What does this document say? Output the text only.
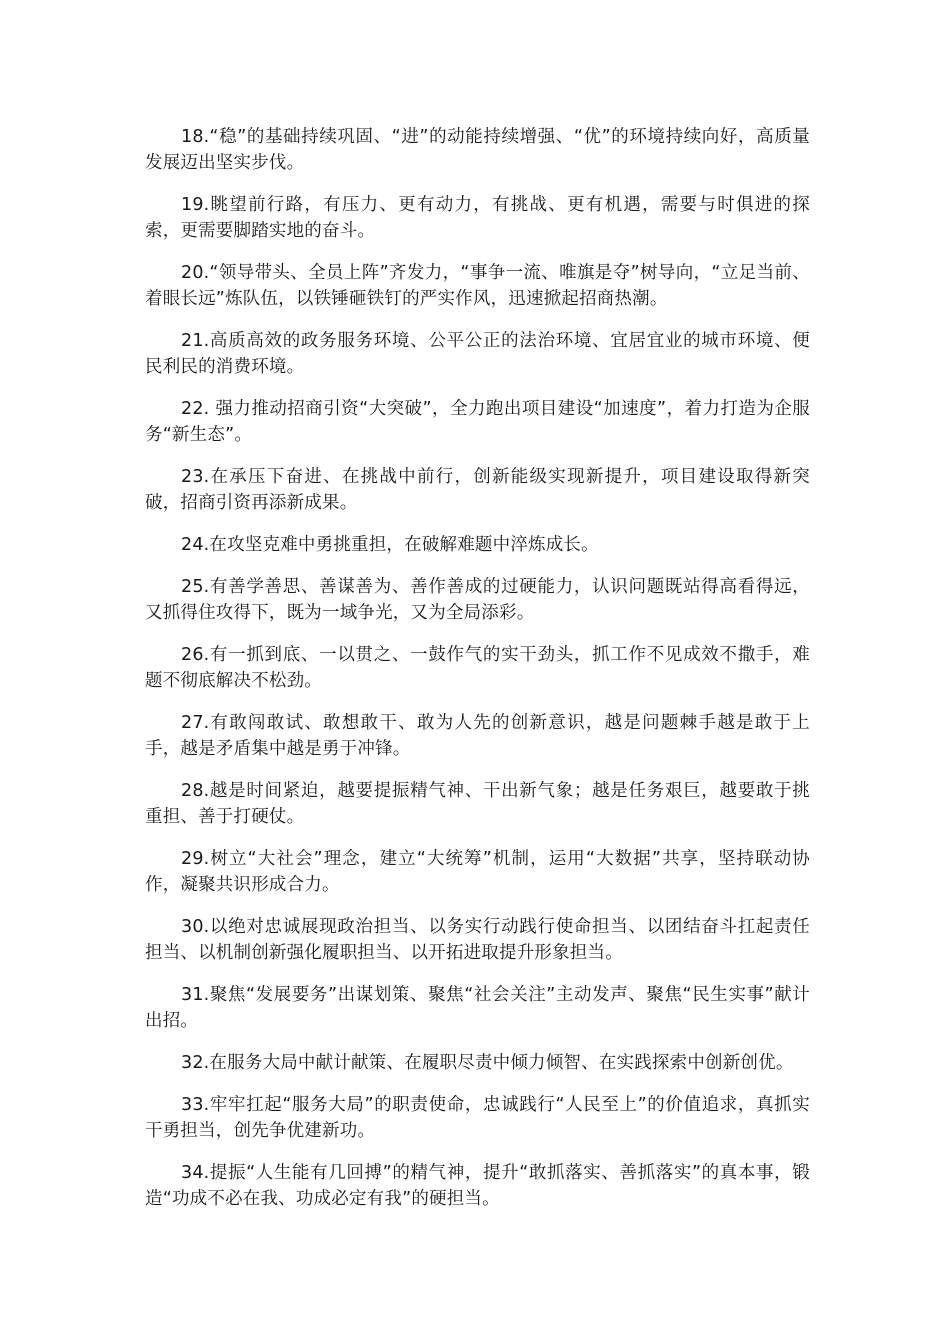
18.“稳”的基础持续巩固、“进”的动能持续增强、“优”的环境持续向好，高质量发展迈出坚实步伐。

19.眺望前行路，有压力、更有动力，有挑战、更有机遇，需要与时俱进的探索，更需要脚踏实地的奋斗。

20.“领导带头、全员上阵”齐发力，“事争一流、唯旗是夺”树导向，“立足当前、着眼长远”炼队伍，以铁锤砸铁钉的严实作风，迅速掀起招商热潮。

21.高质高效的政务服务环境、公平公正的法治环境、宜居宜业的城市环境、便民利民的消费环境。

22. 强力推动招商引资“大突破”，全力跑出项目建设“加速度”，着力打造为企服务“新生态”。

23.在承压下奋进、在挑战中前行，创新能级实现新提升，项目建设取得新突破，招商引资再添新成果。

24.在攻坚克难中勇挑重担，在破解难题中淬炼成长。

25.有善学善思、善谋善为、善作善成的过硬能力，认识问题既站得高看得远，又抓得住攻得下，既为一域争光，又为全局添彩。

26.有一抓到底、一以贯之、一鼓作气的实干劲头，抓工作不见成效不撒手，难题不彻底解决不松劲。

27.有敢闯敢试、敢想敢干、敢为人先的创新意识，越是问题棘手越是敢于上手，越是矛盾集中越是勇于冲锋。

28.越是时间紧迫，越要提振精气神、干出新气象；越是任务艰巨，越要敢于挑重担、善于打硬仗。

29.树立“大社会”理念，建立“大统筹”机制，运用“大数据”共享，坚持联动协作，凝聚共识形成合力。

30.以绝对忠诚展现政治担当、以务实行动践行使命担当、以团结奋斗扛起责任担当、以机制创新强化履职担当、以开拓进取提升形象担当。

31.聚焦“发展要务”出谋划策、聚焦“社会关注”主动发声、聚焦“民生实事”献计出招。

32.在服务大局中献计献策、在履职尽责中倾力倾智、在实践探索中创新创优。

33.牢牢扛起“服务大局”的职责使命，忠诚践行“人民至上”的价值追求，真抓实干勇担当，创先争优建新功。

34.提振“人生能有几回搏”的精气神，提升“敢抓落实、善抓落实”的真本事，锻造“功成不必在我、功成必定有我”的硬担当。
